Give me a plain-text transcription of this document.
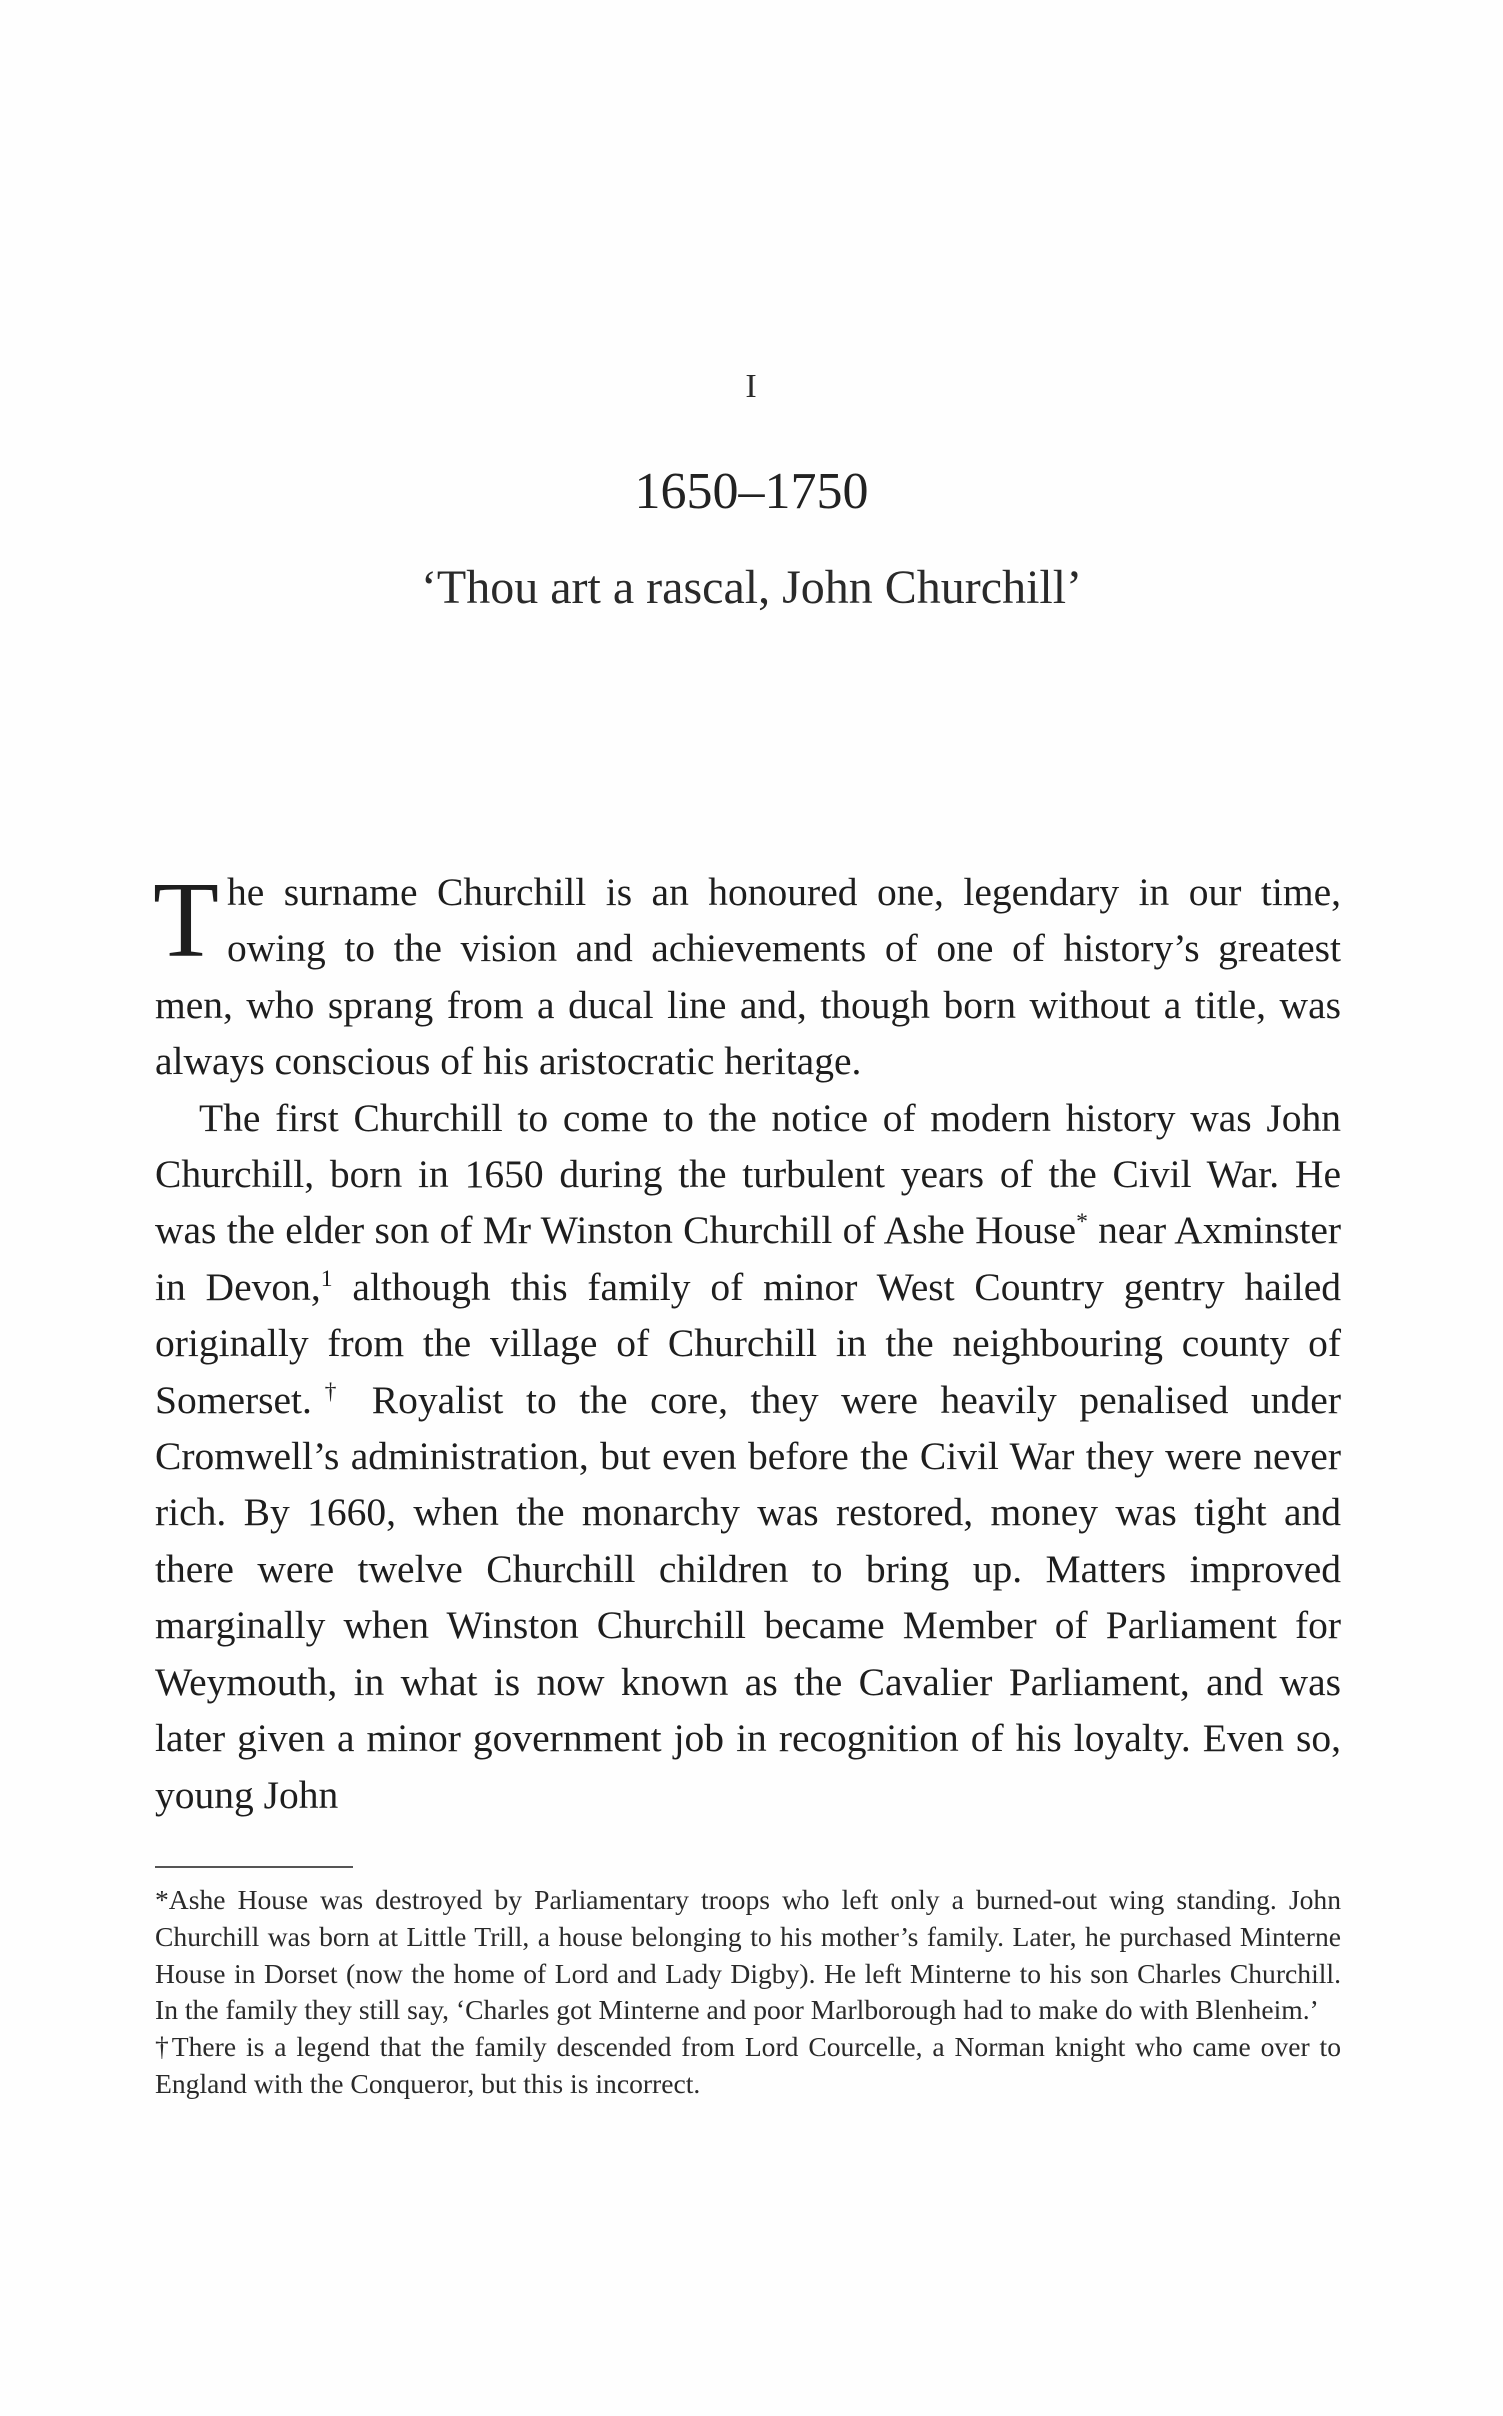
I
1650–1750
‘Thou art a rascal, John Churchill’

The surname Churchill is an honoured one, legendary in our time, owing to the vision and achievements of one of history’s greatest men, who sprang from a ducal line and, though born without a title, was always conscious of his aristocratic heritage.

The first Churchill to come to the notice of modern history was John Churchill, born in 1650 during the turbulent years of the Civil War. He was the elder son of Mr Winston Churchill of Ashe House* near Axminster in Devon,$^1$ although this family of minor West Country gentry hailed originally from the village of Churchill in the neighbouring county of Somerset.† Royalist to the core, they were heavily penalised under Cromwell’s administration, but even before the Civil War they were never rich. By 1660, when the monarchy was restored, money was tight and there were twelve Churchill children to bring up. Matters improved marginally when Winston Churchill became Member of Parliament for Weymouth, in what is now known as the Cavalier Parliament, and was later given a minor government job in recognition of his loyalty. Even so, young John

*Ashe House was destroyed by Parliamentary troops who left only a burned-out wing standing. John Churchill was born at Little Trill, a house belonging to his mother’s family. Later, he purchased Minterne House in Dorset (now the home of Lord and Lady Digby). He left Minterne to his son Charles Churchill. In the family they still say, ‘Charles got Minterne and poor Marlborough had to make do with Blenheim.’

†There is a legend that the family descended from Lord Courcelle, a Norman knight who came over to England with the Conqueror, but this is incorrect.
